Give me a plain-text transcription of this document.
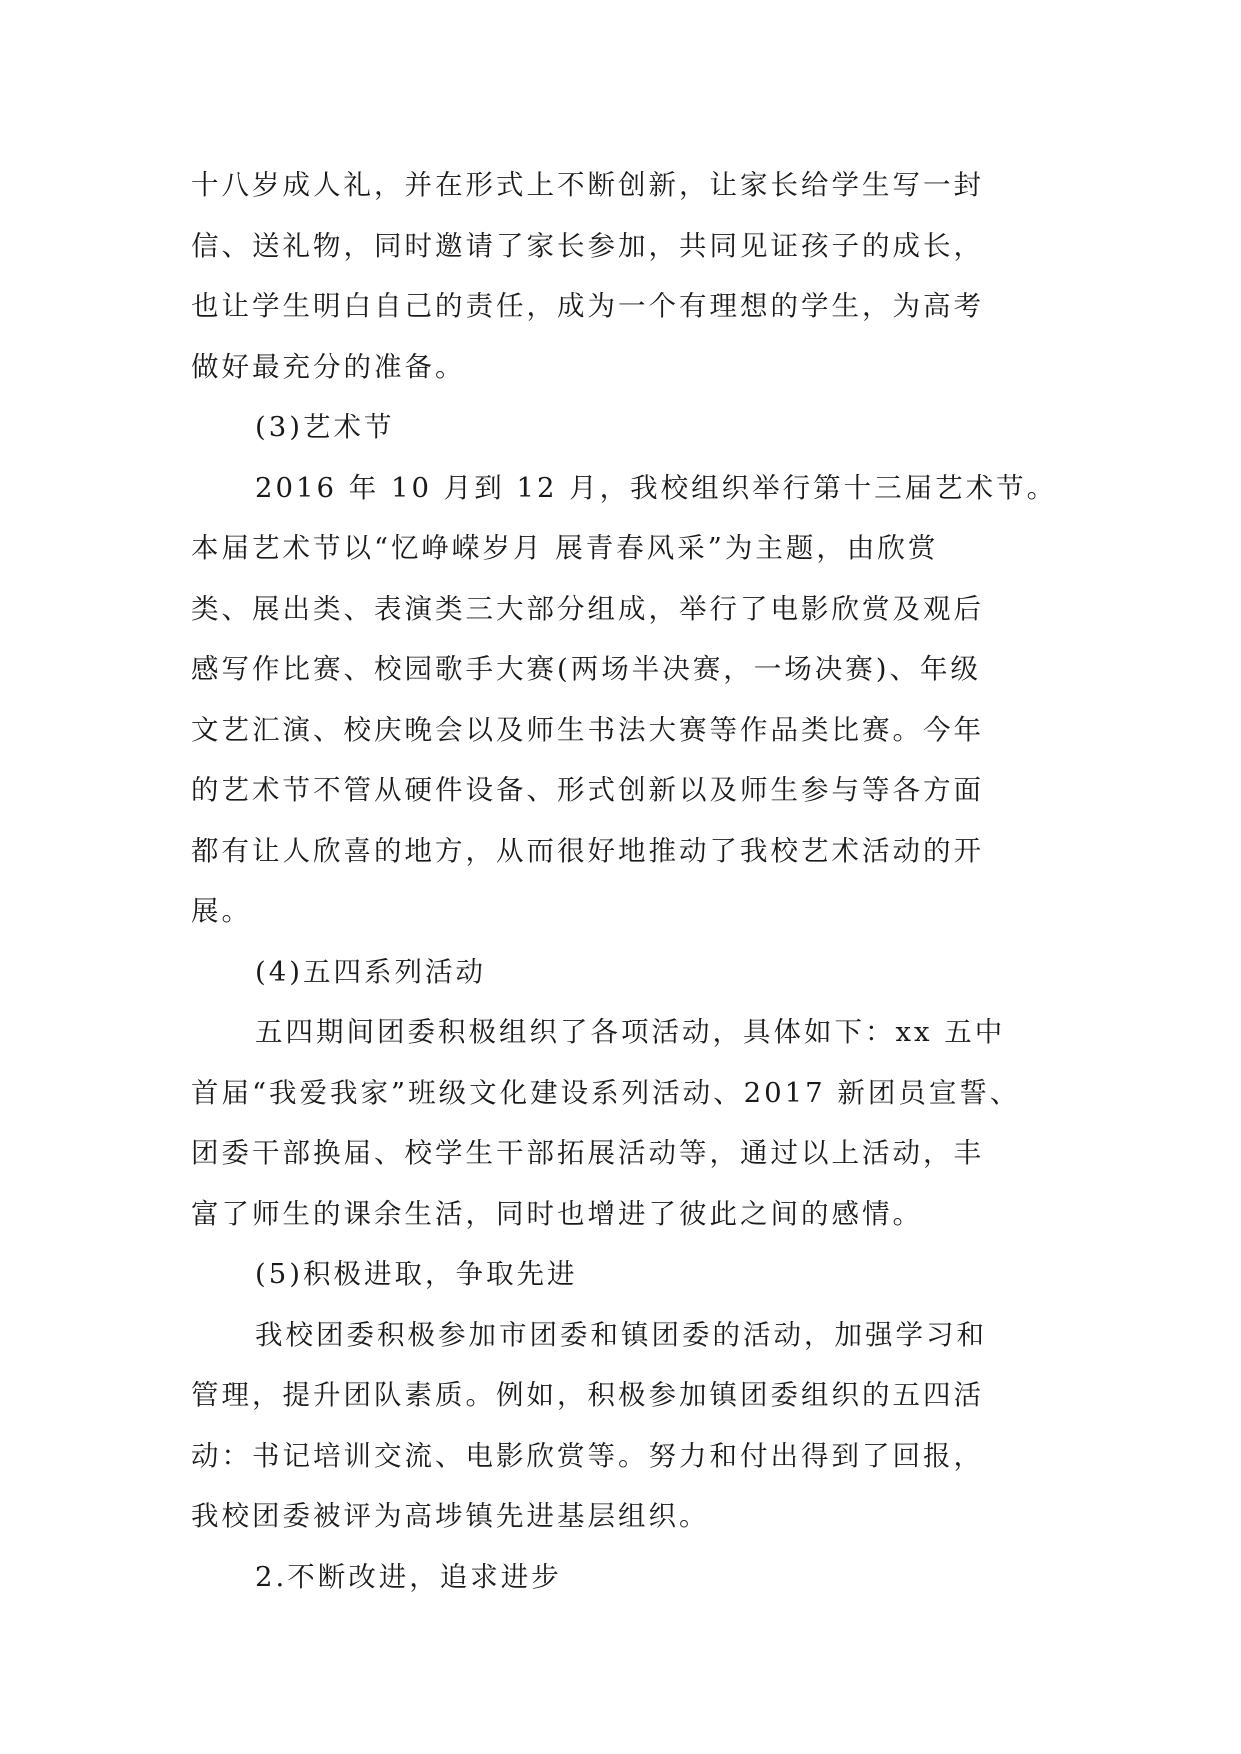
十八岁成人礼，并在形式上不断创新，让家长给学生写一封
信、送礼物，同时邀请了家长参加，共同见证孩子的成长，
也让学生明白自己的责任，成为一个有理想的学生，为高考
做好最充分的准备。
(3)艺术节
2016 年 10 月到 12 月，我校组织举行第十三届艺术节。
本届艺术节以“忆峥嵘岁月 展青春风采”为主题，由欣赏
类、展出类、表演类三大部分组成，举行了电影欣赏及观后
感写作比赛、校园歌手大赛(两场半决赛，一场决赛)、年级
文艺汇演、校庆晚会以及师生书法大赛等作品类比赛。今年
的艺术节不管从硬件设备、形式创新以及师生参与等各方面
都有让人欣喜的地方，从而很好地推动了我校艺术活动的开
展。
(4)五四系列活动
五四期间团委积极组织了各项活动，具体如下：xx 五中
首届“我爱我家”班级文化建设系列活动、2017 新团员宣誓、
团委干部换届、校学生干部拓展活动等，通过以上活动，丰
富了师生的课余生活，同时也增进了彼此之间的感情。
(5)积极进取，争取先进
我校团委积极参加市团委和镇团委的活动，加强学习和
管理，提升团队素质。例如，积极参加镇团委组织的五四活
动：书记培训交流、电影欣赏等。努力和付出得到了回报，
我校团委被评为高埗镇先进基层组织。
2.不断改进，追求进步
